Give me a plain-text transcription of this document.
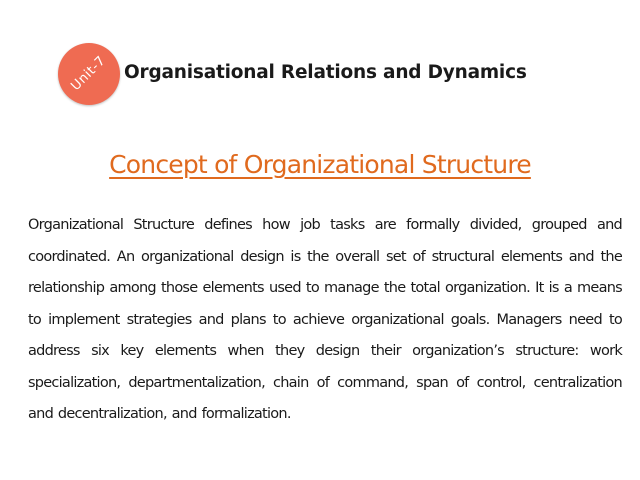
Unit-7 Organisational Relations and Dynamics
Concept of Organizational Structure
Organizational Structure defines how job tasks are formally divided, grouped and coordinated. An organizational design is the overall set of structural elements and the relationship among those elements used to manage the total organization. It is a means to implement strategies and plans to achieve organizational goals. Managers need to address six key elements when they design their organization’s structure: work specialization, departmentalization, chain of command, span of control, centralization and decentralization, and formalization.
